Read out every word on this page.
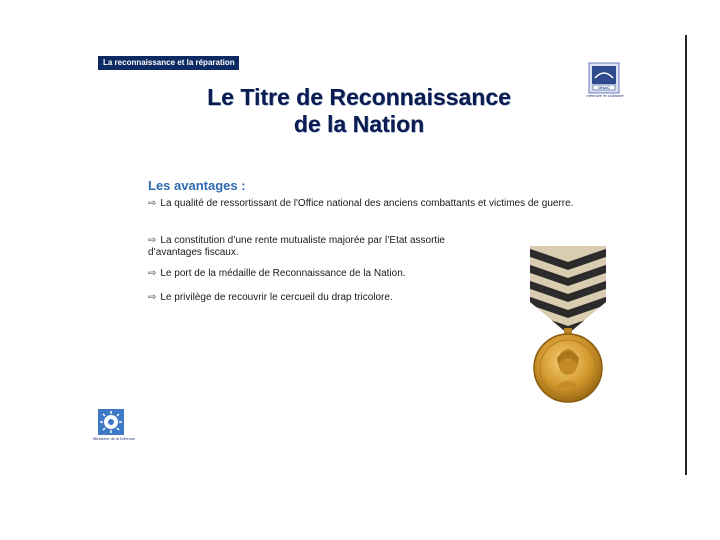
La reconnaissance et la réparation
ONAC
mémoire et solidarité
Le Titre de Reconnaissance
de la Nation
Les avantages :
⇨ La qualité de ressortissant de l'Office national des anciens combattants et victimes de guerre.
⇨ La constitution d’une rente mutualiste majorée par l’Etat assortie d’avantages fiscaux.
⇨ Le port de la médaille de Reconnaissance de la Nation.
⇨ Le privilège de recouvrir le cercueil du drap tricolore.
Ministère de la Défense
